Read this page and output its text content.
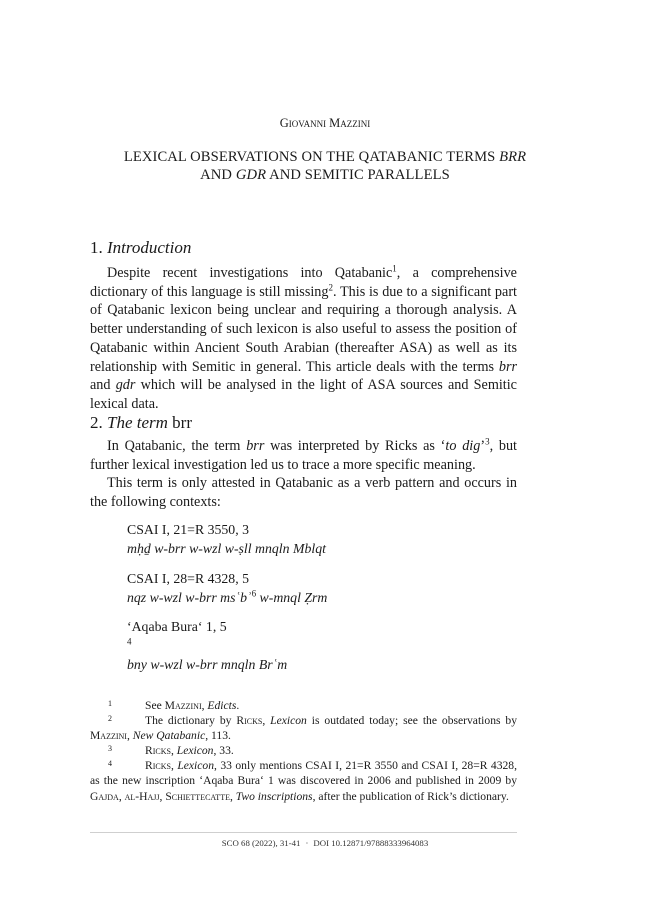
Giovanni Mazzini
LEXICAL OBSERVATIONS ON THE QATABANIC TERMS BRR
AND GDR AND SEMITIC PARALLELS
1. Introduction
Despite recent investigations into Qatabanic$^1$, a comprehensive dictionary of this language is still missing$^2$. This is due to a significant part of Qatabanic lexicon being unclear and requiring a thorough analysis. A better understanding of such lexicon is also useful to assess the position of Qatabanic within Ancient South Arabian (thereafter ASA) as well as its relationship with Semitic in general. This article deals with the terms brr and gdr which will be analysed in the light of ASA sources and Semitic lexical data.
2. The term brr
In Qatabanic, the term brr was interpreted by Ricks as ‘to dig’$^3$, but further lexical investigation led us to trace a more specific meaning.
This term is only attested in Qatabanic as a verb pattern and occurs in the following contexts:
CSAI I, 21=R 3550, 3
mḥḏ w-brr w-wzl w-ṣll mnqln Mblqt
CSAI I, 28=R 4328, 5
nqz w-wzl w-brr msʿbʾ$^6$ w-mnql Ẓrm
‘Aqaba Bura‘ 1, 5
$^4$
bny w-wzl w-brr mnqln Brʿm
1	See Mazzini, Edicts.
2	The dictionary by Ricks, Lexicon is outdated today; see the observations by Mazzini, New Qatabanic, 113.
3	Ricks, Lexicon, 33.
4	Ricks, Lexicon, 33 only mentions CSAI I, 21=R 3550 and CSAI I, 28=R 4328, as the new inscription ‘Aqaba Bura‘ 1 was discovered in 2006 and published in 2009 by Gajda, al-Hajj, Schiettecatte, Two inscriptions, after the publication of Rick’s dictionary.
SCO 68 (2022), 31-41 · DOI 10.12871/97888333964083
